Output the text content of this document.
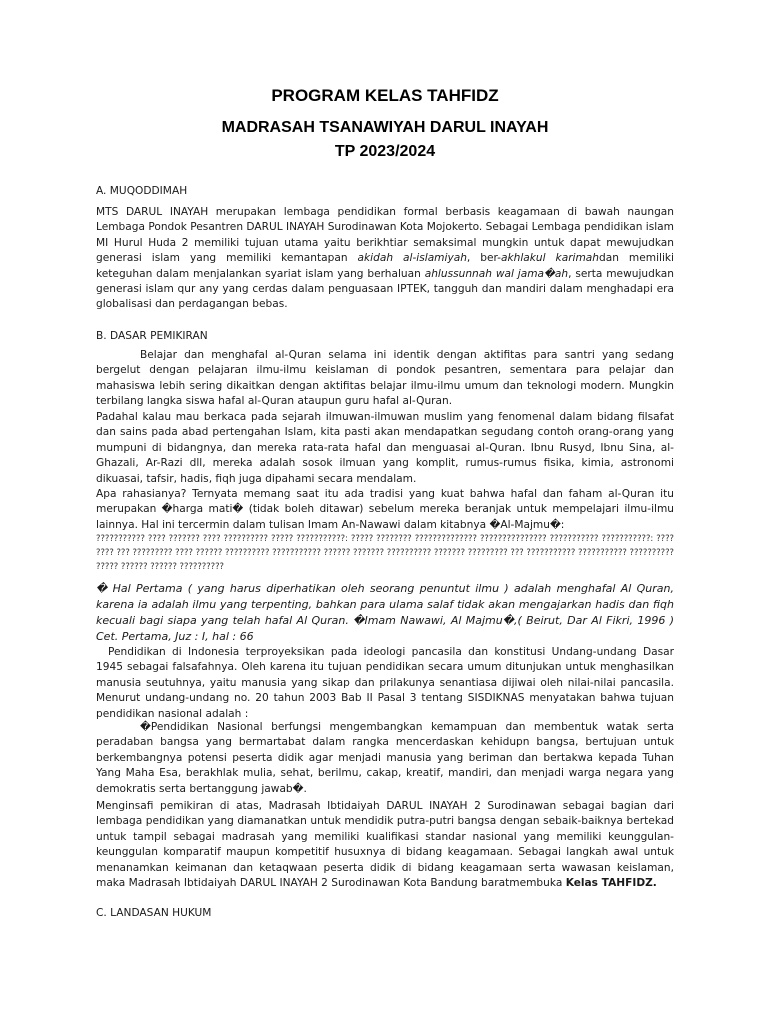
PROGRAM KELAS TAHFIDZ
MADRASAH TSANAWIYAH DARUL INAYAH
TP 2023/2024

A. MUQODDIMAH

MTS DARUL INAYAH merupakan lembaga pendidikan formal berbasis keagamaan di bawah naungan Lembaga Pondok Pesantren DARUL INAYAH Surodinawan Kota Mojokerto. Sebagai Lembaga pendidikan islam MI Hurul Huda 2 memiliki tujuan utama yaitu berikhtiar semaksimal mungkin untuk dapat mewujudkan generasi islam yang memiliki kemantapan akidah al-islamiyah, ber-akhlakul karimahdan memiliki keteguhan dalam menjalankan syariat islam yang berhaluan ahlussunnah wal jama�ah, serta mewujudkan generasi islam qur any yang cerdas dalam penguasaan IPTEK, tangguh dan mandiri dalam menghadapi era globalisasi dan perdagangan bebas.

B. DASAR PEMIKIRAN

Belajar dan menghafal al-Quran selama ini identik dengan aktifitas para santri yang sedang bergelut dengan pelajaran ilmu-ilmu keislaman di pondok pesantren, sementara para pelajar dan mahasiswa lebih sering dikaitkan dengan aktifitas belajar ilmu-ilmu umum dan teknologi modern. Mungkin terbilang langka siswa hafal al-Quran ataupun guru hafal al-Quran.

Padahal kalau mau berkaca pada sejarah ilmuwan-ilmuwan muslim yang fenomenal dalam bidang filsafat dan sains pada abad pertengahan Islam, kita pasti akan mendapatkan segudang contoh orang-orang yang mumpuni di bidangnya, dan mereka rata-rata hafal dan menguasai al-Quran. Ibnu Rusyd, Ibnu Sina, al-Ghazali, Ar-Razi dll, mereka adalah sosok ilmuan yang komplit, rumus-rumus fisika, kimia, astronomi dikuasai, tafsir, hadis, fiqh juga dipahami secara mendalam.

Apa rahasianya? Ternyata memang saat itu ada tradisi yang kuat bahwa hafal dan faham al-Quran itu merupakan �harga mati� (tidak boleh ditawar) sebelum mereka beranjak untuk mempelajari ilmu-ilmu lainnya. Hal ini tercermin dalam tulisan Imam An-Nawawi dalam kitabnya �Al-Majmu�:

??????????? ???? ??????? ???? ?????????? ????? ???????????: ????? ???????? ?????????????? ??????????????? ??????????? ???????????: ???? ???? ??? ????????? ???? ?????? ?????????? ??????????? ?????? ??????? ?????????? ??????? ????????? ??? ??????????? ??????????? ?????????? ????? ?????? ?????? ??????????

� Hal Pertama ( yang harus diperhatikan oleh seorang penuntut ilmu ) adalah menghafal Al Quran, karena ia adalah ilmu yang terpenting, bahkan para ulama salaf tidak akan mengajarkan hadis dan fiqh kecuali bagi siapa yang telah hafal Al Quran. �Imam Nawawi, Al Majmu�,( Beirut, Dar Al Fikri, 1996 ) Cet. Pertama, Juz : I, hal : 66

Pendidikan di Indonesia terproyeksikan pada ideologi pancasila dan konstitusi Undang-undang Dasar 1945 sebagai falsafahnya. Oleh karena itu tujuan pendidikan secara umum ditunjukan untuk menghasilkan manusia seutuhnya, yaitu manusia yang sikap dan prilakunya senantiasa dijiwai oleh nilai-nilai pancasila. Menurut undang-undang no. 20 tahun 2003 Bab II Pasal 3 tentang SISDIKNAS menyatakan bahwa tujuan pendidikan nasional adalah :

�Pendidikan Nasional berfungsi mengembangkan kemampuan dan membentuk watak serta peradaban bangsa yang bermartabat dalam rangka mencerdaskan kehidupn bangsa, bertujuan untuk berkembangnya potensi peserta didik agar menjadi manusia yang beriman dan bertakwa kepada Tuhan Yang Maha Esa, berakhlak mulia, sehat, berilmu, cakap, kreatif, mandiri, dan menjadi warga negara yang demokratis serta bertanggung jawab�.

Menginsafi pemikiran di atas, Madrasah Ibtidaiyah DARUL INAYAH 2 Surodinawan sebagai bagian dari lembaga pendidikan yang diamanatkan untuk mendidik putra-putri bangsa dengan sebaik-baiknya bertekad untuk tampil sebagai madrasah yang memiliki kualifikasi standar nasional yang memiliki keunggulan-keunggulan komparatif maupun kompetitif husuxnya di bidang keagamaan. Sebagai langkah awal untuk menanamkan keimanan dan ketaqwaan peserta didik di bidang keagamaan serta wawasan keislaman, maka Madrasah Ibtidaiyah DARUL INAYAH 2 Surodinawan Kota Bandung baratmembuka Kelas TAHFIDZ.

C. LANDASAN HUKUM
